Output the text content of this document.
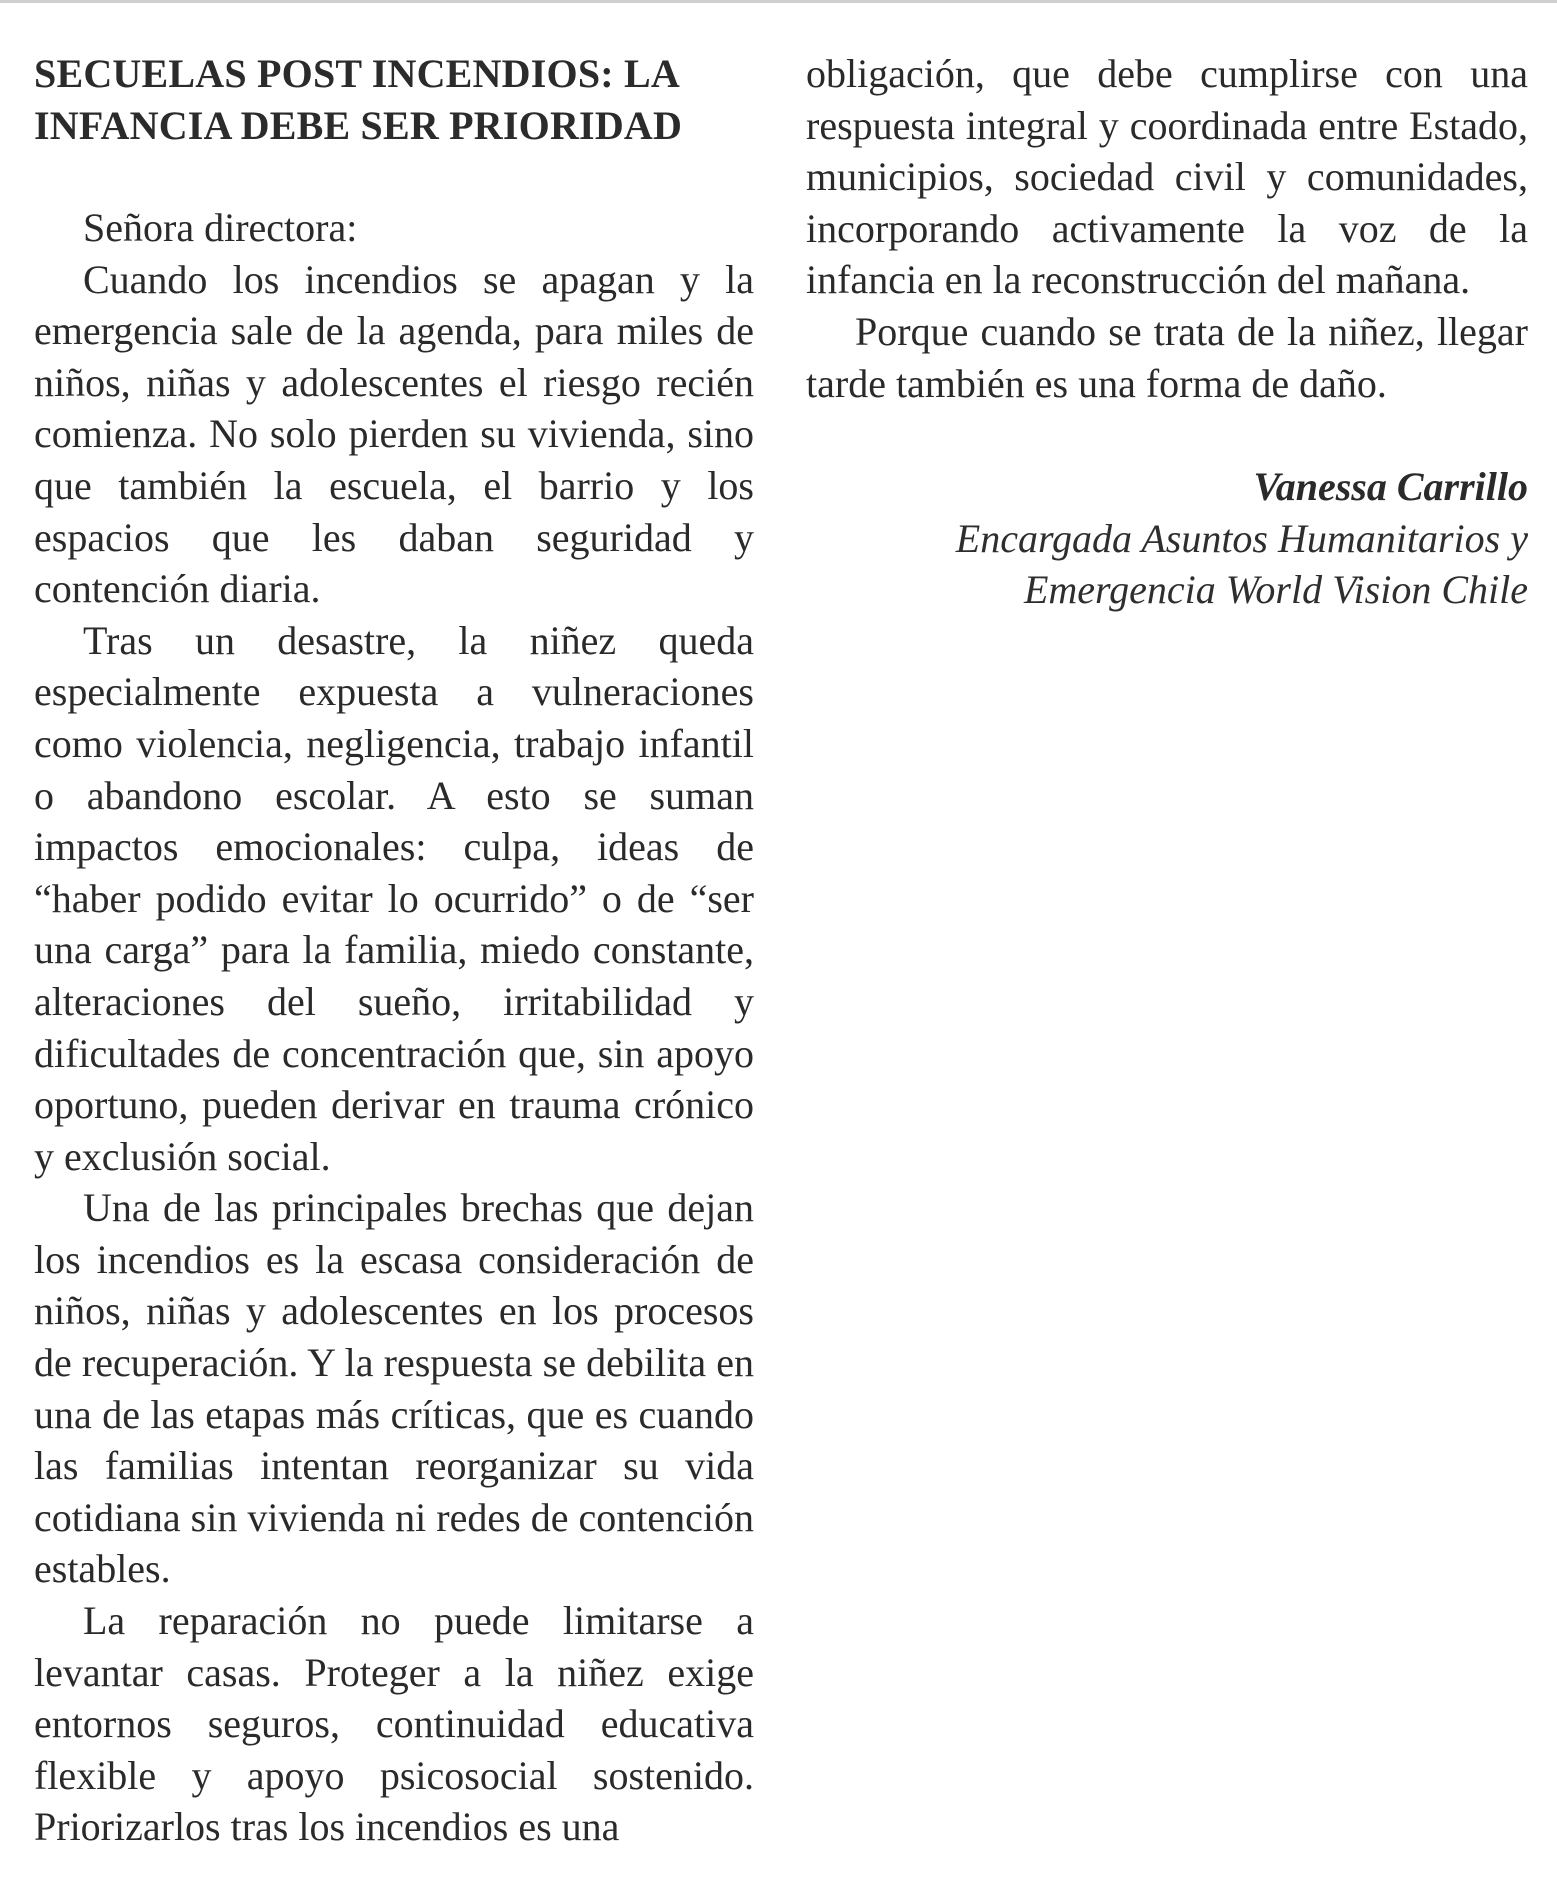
SECUELAS POST INCENDIOS: LA INFANCIA DEBE SER PRIORIDAD

Señora directora:

Cuando los incendios se apagan y la emergencia sale de la agenda, para miles de niños, niñas y adolescentes el riesgo recién comienza. No solo pierden su vivienda, sino que también la escuela, el barrio y los espacios que les daban seguridad y contención diaria.

Tras un desastre, la niñez queda especialmente expuesta a vulneraciones como violencia, negligencia, trabajo infantil o abandono escolar. A esto se suman impactos emocionales: culpa, ideas de “haber podido evitar lo ocurrido” o de “ser una carga” para la familia, miedo constante, alteraciones del sueño, irritabilidad y dificultades de concentración que, sin apoyo oportuno, pueden derivar en trauma crónico y exclusión social.

Una de las principales brechas que dejan los incendios es la escasa consideración de niños, niñas y adolescentes en los procesos de recuperación. Y la respuesta se debilita en una de las etapas más críticas, que es cuando las familias intentan reorganizar su vida cotidiana sin vivienda ni redes de contención estables.

La reparación no puede limitarse a levantar casas. Proteger a la niñez exige entornos seguros, continuidad educativa flexible y apoyo psicosocial sostenido. Priorizarlos tras los incendios es una

obligación, que debe cumplirse con una respuesta integral y coordinada entre Estado, municipios, sociedad civil y comunidades, incorporando activamente la voz de la infancia en la reconstrucción del mañana.

Porque cuando se trata de la niñez, llegar tarde también es una forma de daño.

Vanessa Carrillo
Encargada Asuntos Humanitarios y
Emergencia World Vision Chile
